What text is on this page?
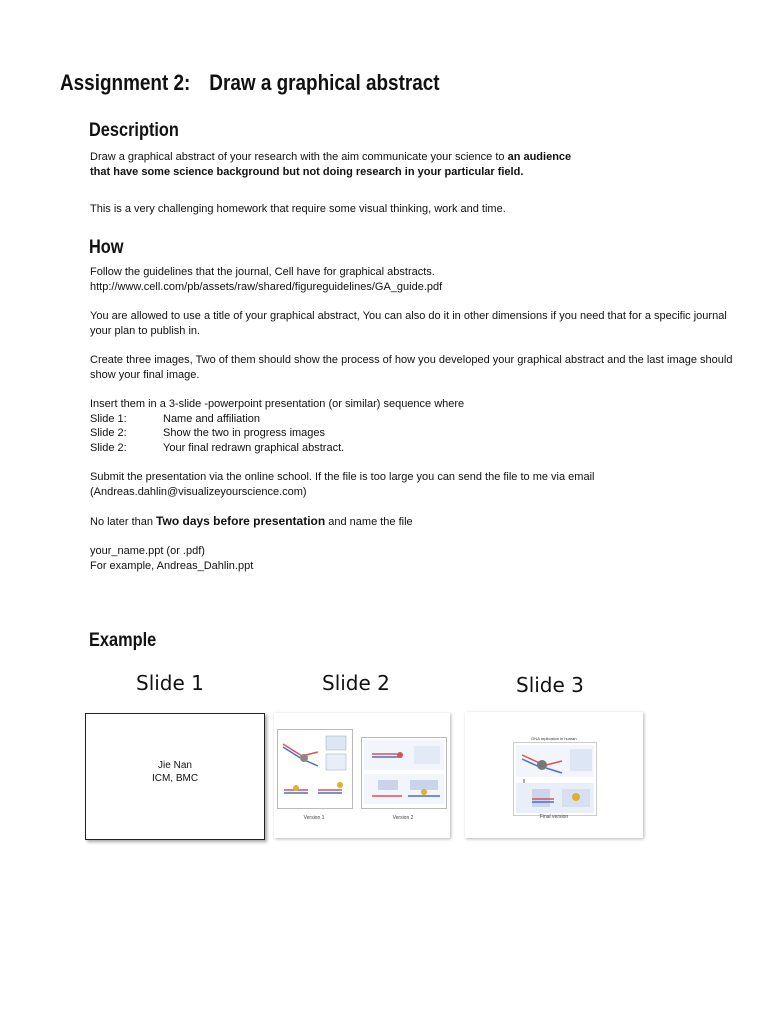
Assignment 2: Draw a graphical abstract
Description
Draw a graphical abstract of your research with the aim communicate your science to an audience that have some science background but not doing research in your particular field.
This is a very challenging homework that require some visual thinking, work and time.
How
Follow the guidelines that the journal, Cell have for graphical abstracts.
http://www.cell.com/pb/assets/raw/shared/figureguidelines/GA_guide.pdf
You are allowed to use a title of your graphical abstract, You can also do it in other dimensions if you need that for a specific journal your plan to publish in.
Create three images, Two of them should show the process of how you developed your graphical abstract and the last image should show your final image.
Insert them in a 3-slide -powerpoint presentation (or similar) sequence where
Slide 1:	Name and affiliation
Slide 2:	Show the two in progress images
Slide 2:	Your final redrawn graphical abstract.
Submit the presentation via the online school. If the file is too large you can send the file to me via email
(Andreas.dahlin@visualizeyourscience.com)
No later than Two days before presentation and name the file
your_name.ppt (or .pdf)
For example, Andreas_Dahlin.ppt
Example
Slide 1	Slide 2	Slide 3
Jie Nan
ICM, BMC
Version 1	Version 2
DNA replication in human
Final version
